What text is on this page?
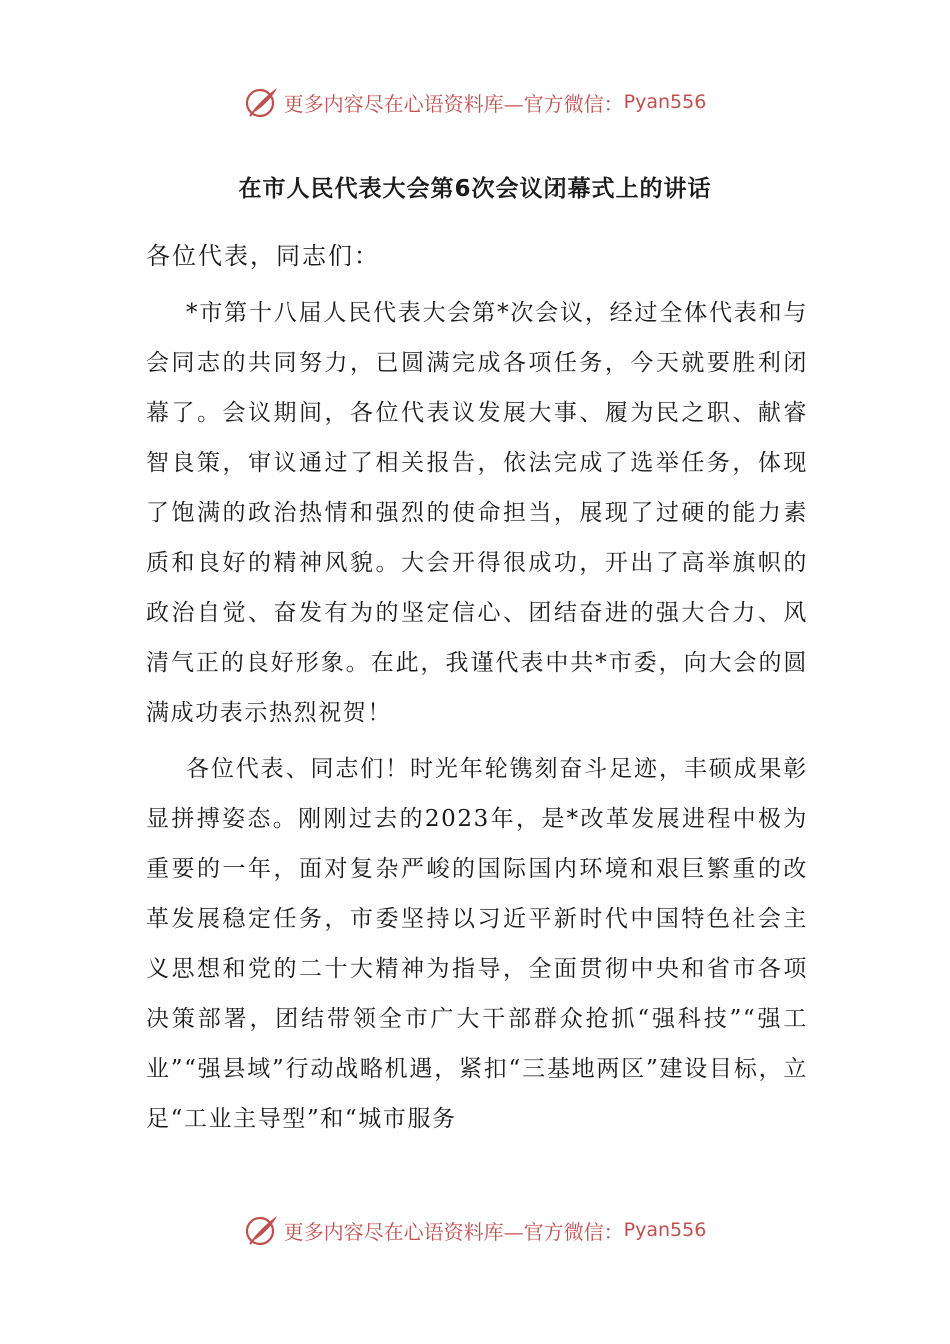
更多内容尽在心语资料库—官方微信： Pyan556
在市人民代表大会第6次会议闭幕式上的讲话

各位代表，同志们：

*市第十八届人民代表大会第*次会议，经过全体代表和与会同志的共同努力，已圆满完成各项任务，今天就要胜利闭幕了。会议期间，各位代表议发展大事、履为民之职、献睿智良策，审议通过了相关报告，依法完成了选举任务，体现了饱满的政治热情和强烈的使命担当，展现了过硬的能力素质和良好的精神风貌。大会开得很成功，开出了高举旗帜的政治自觉、奋发有为的坚定信心、团结奋进的强大合力、风清气正的良好形象。在此，我谨代表中共*市委，向大会的圆满成功表示热烈祝贺！

各位代表、同志们！时光年轮镌刻奋斗足迹，丰硕成果彰显拼搏姿态。刚刚过去的2023年，是*改革发展进程中极为重要的一年，面对复杂严峻的国际国内环境和艰巨繁重的改革发展稳定任务，市委坚持以习近平新时代中国特色社会主义思想和党的二十大精神为指导，全面贯彻中央和省市各项决策部署，团结带领全市广大干部群众抢抓“强科技”“强工业”“强县域”行动战略机遇，紧扣“三基地两区”建设目标，立足“工业主导型”和“城市服务

更多内容尽在心语资料库—官方微信： Pyan556
